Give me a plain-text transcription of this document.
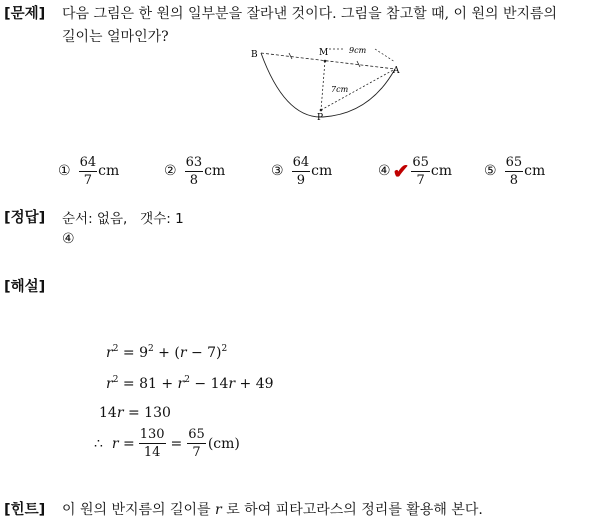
[문제] 다음 그림은 한 원의 일부분을 잘라낸 것이다. 그림을 참고할 때, 이 원의 반지름의
길이는 얼마인가?
B	M
A
P
9cm
7cm
① $\frac{64}{7}$ cm	② $\frac{63}{8}$ cm	③ $\frac{64}{9}$ cm	④ ✔ $\frac{65}{7}$ cm ⑤ $\frac{65}{8}$ cm
[정답] 순서: 없음,   갯수: 1
④
[해설]
$r^2 = 9^2 + (r - 7)^2$
$r^2 = 81 + r^2 - 14r + 49$
14r = 130
∴  $r = \frac{130}{14} = \frac{65}{7} (cm)$
[힌트] 이 원의 반지름의 길이를 r 로 하여 피타고라스의 정리를 활용해 본다.
